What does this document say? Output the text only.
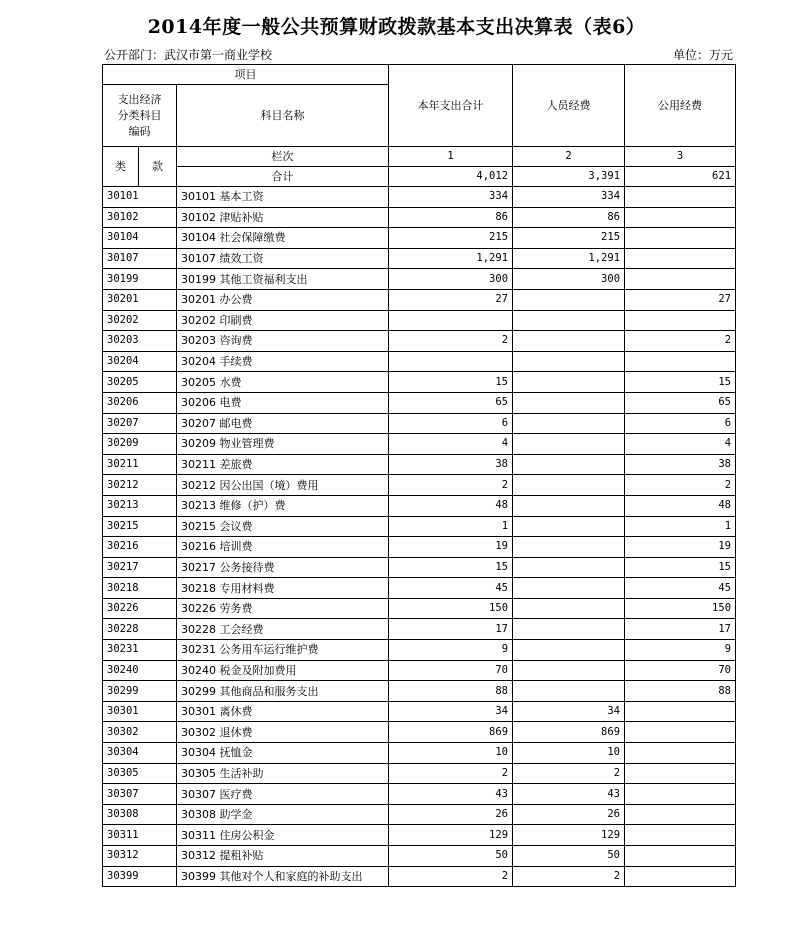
2014年度一般公共预算财政拨款基本支出决算表（表6）
公开部门：武汉市第一商业学校	单位：万元
项目			本年支出合计	人员经费	公用经费

支出经济
分类科目
编码		科目名称			
类	款	栏次	1	2	3
		合计	4,012	3,391	621
30101		30101 基本工资	334	334	
30102		30102 津贴补贴	86	86	
30104		30104 社会保障缴费	215	215	
30107		30107 绩效工资	1,291	1,291	
30199		30199 其他工资福利支出	300	300	
30201		30201 办公费	27		27
30202		30202 印刷费			
30203		30203 咨询费	2		2
30204		30204 手续费			
30205		30205 水费	15		15
30206		30206 电费	65		65
30207		30207 邮电费	6		6
30209		30209 物业管理费	4		4
30211		30211 差旅费	38		38
30212		30212 因公出国（境）费用	2		2
30213		30213 维修（护）费	48		48
30215		30215 会议费	1		1
30216		30216 培训费	19		19
30217		30217 公务接待费	15		15
30218		30218 专用材料费	45		45
30226		30226 劳务费	150		150
30228		30228 工会经费	17		17
30231		30231 公务用车运行维护费	9		9
30240		30240 税金及附加费用	70		70
30299		30299 其他商品和服务支出	88		88
30301		30301 离休费	34	34	
30302		30302 退休费	869	869	
30304		30304 抚恤金	10	10	
30305		30305 生活补助	2	2	
30307		30307 医疗费	43	43	
30308		30308 助学金	26	26	
30311		30311 住房公积金	129	129	
30312		30312 提租补贴	50	50	
30399		30399 其他对个人和家庭的补助支出	2	2	
